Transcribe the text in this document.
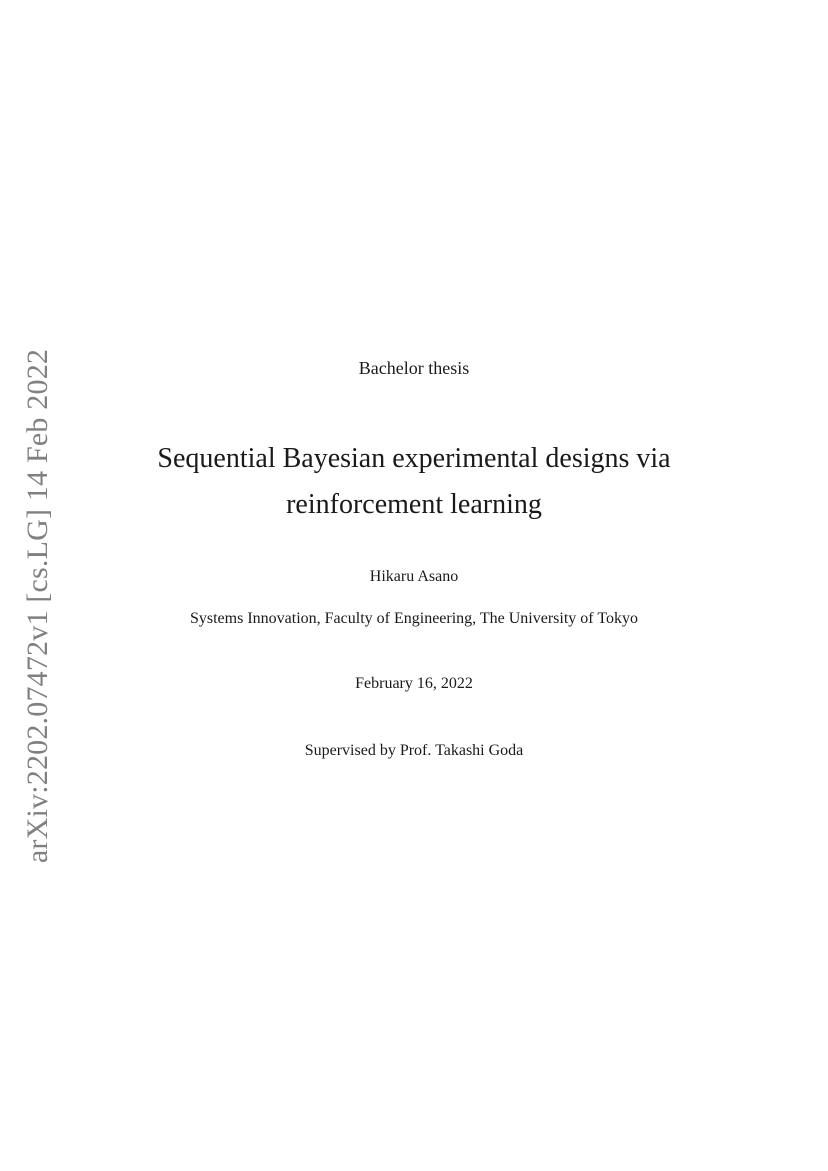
arXiv:2202.07472v1 [cs.LG] 14 Feb 2022	Bachelor thesis
Sequential Bayesian experimental designs via
reinforcement learning
Hikaru Asano
Systems Innovation, Faculty of Engineering, The University of Tokyo
February 16, 2022
Supervised by Prof. Takashi Goda
